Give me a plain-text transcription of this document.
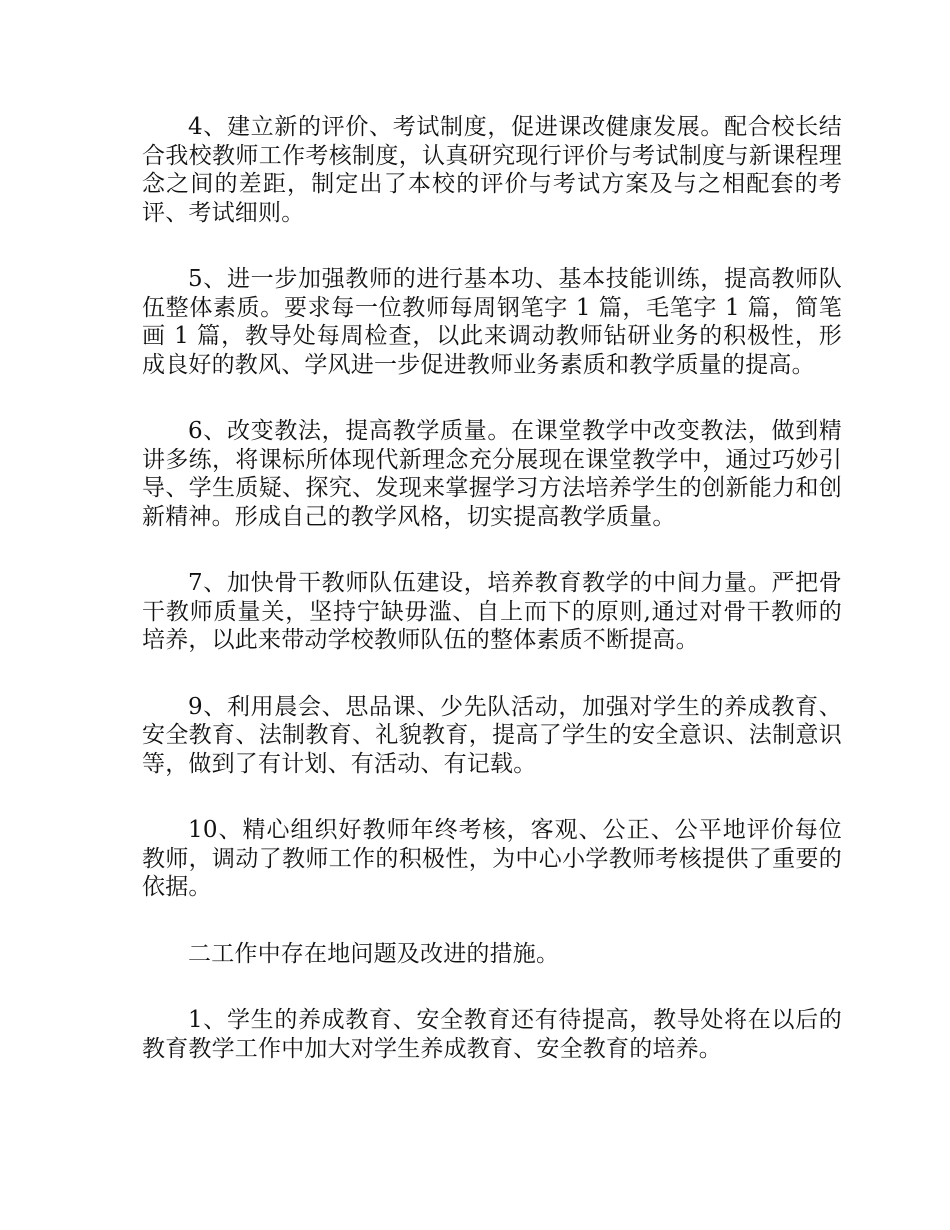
4、建立新的评价、考试制度，促进课改健康发展。配合校长结合我校教师工作考核制度，认真研究现行评价与考试制度与新课程理念之间的差距，制定出了本校的评价与考试方案及与之相配套的考评、考试细则。

5、进一步加强教师的进行基本功、基本技能训练，提高教师队伍整体素质。要求每一位教师每周钢笔字 1 篇，毛笔字 1 篇，简笔画 1 篇，教导处每周检查，以此来调动教师钻研业务的积极性，形成良好的教风、学风进一步促进教师业务素质和教学质量的提高。

6、改变教法，提高教学质量。在课堂教学中改变教法，做到精讲多练，将课标所体现代新理念充分展现在课堂教学中，通过巧妙引导、学生质疑、探究、发现来掌握学习方法培养学生的创新能力和创新精神。形成自己的教学风格，切实提高教学质量。

7、加快骨干教师队伍建设，培养教育教学的中间力量。严把骨干教师质量关，坚持宁缺毋滥、自上而下的原则,通过对骨干教师的培养，以此来带动学校教师队伍的整体素质不断提高。

9、利用晨会、思品课、少先队活动，加强对学生的养成教育、安全教育、法制教育、礼貌教育，提高了学生的安全意识、法制意识等，做到了有计划、有活动、有记载。

10、精心组织好教师年终考核，客观、公正、公平地评价每位教师，调动了教师工作的积极性，为中心小学教师考核提供了重要的依据。

二工作中存在地问题及改进的措施。

1、学生的养成教育、安全教育还有待提高，教导处将在以后的教育教学工作中加大对学生养成教育、安全教育的培养。
